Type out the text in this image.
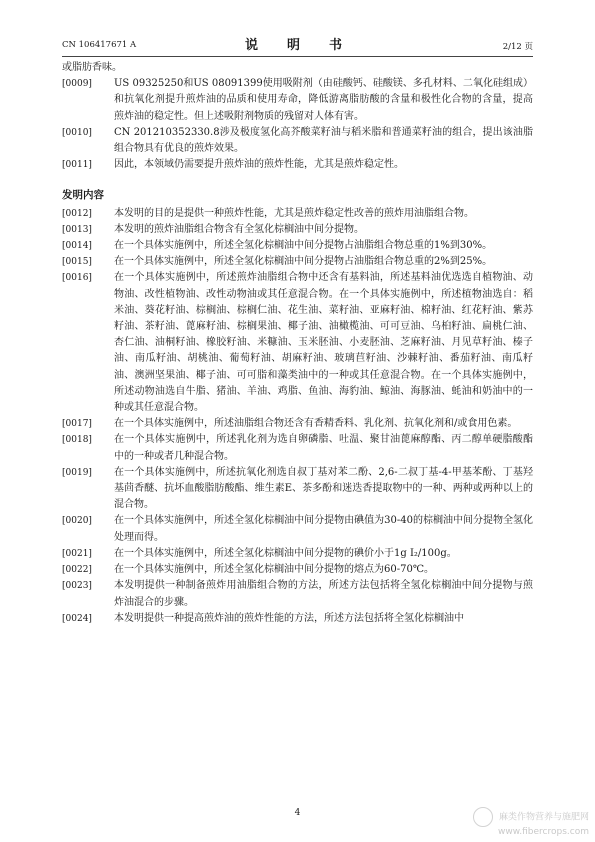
CN 106417671 A	说　明　书	2/12 页

或脂肪香味。

[0009]	US 09325250和US 08091399使用吸附剂（由硅酸钙、硅酸镁、多孔材料、二氧化硅组成）和抗氧化剂提升煎炸油的品质和使用寿命，降低游离脂肪酸的含量和极性化合物的含量，提高煎炸油的稳定性。但上述吸附剂物质的残留对人体有害。
[0010]	CN 201210352330.8涉及极度氢化高芥酸菜籽油与稻米脂和普通菜籽油的组合，提出该油脂组合物具有优良的煎炸效果。
[0011]	因此，本领域仍需要提升煎炸油的煎炸性能，尤其是煎炸稳定性。
发明内容
[0012]	本发明的目的是提供一种煎炸性能，尤其是煎炸稳定性改善的煎炸用油脂组合物。
[0013]	本发明的煎炸油脂组合物含有全氢化棕榈油中间分提物。
[0014]	在一个具体实施例中，所述全氢化棕榈油中间分提物占油脂组合物总重的1%到30%。
[0015]	在一个具体实施例中，所述全氢化棕榈油中间分提物占油脂组合物总重的2%到25%。
[0016]	在一个具体实施例中，所述煎炸油脂组合物中还含有基料油，所述基料油优选选自植物油、动物油、改性植物油、改性动物油或其任意混合物。在一个具体实施例中，所述植物油选自：稻米油、葵花籽油、棕榈油、棕榈仁油、花生油、菜籽油、亚麻籽油、棉籽油、红花籽油、紫苏籽油、茶籽油、蓖麻籽油、棕榈果油、椰子油、油橄榄油、可可豆油、乌桕籽油、扁桃仁油、杏仁油、油桐籽油、橡胶籽油、米糠油、玉米胚油、小麦胚油、芝麻籽油、月见草籽油、榛子油、南瓜籽油、胡桃油、葡萄籽油、胡麻籽油、玻璃苣籽油、沙棘籽油、番茄籽油、南瓜籽油、澳洲坚果油、椰子油、可可脂和藻类油中的一种或其任意混合物。在一个具体实施例中，所述动物油选自牛脂、猪油、羊油、鸡脂、鱼油、海豹油、鲸油、海豚油、蚝油和奶油中的一种或其任意混合物。
[0017]	在一个具体实施例中，所述油脂组合物还含有香精香料、乳化剂、抗氧化剂和/或食用色素。
[0018]	在一个具体实施例中，所述乳化剂为选自卵磷脂、吐温、聚甘油蓖麻醇酯、丙二醇单硬脂酸酯中的一种或者几种混合物。
[0019]	在一个具体实施例中，所述抗氧化剂选自叔丁基对苯二酚、2,6-二叔丁基-4-甲基苯酚、丁基羟基茴香醚、抗坏血酸脂肪酸酯、维生素E、茶多酚和迷迭香提取物中的一种、两种或两种以上的混合物。
[0020]	在一个具体实施例中，所述全氢化棕榈油中间分提物由碘值为30-40的棕榈油中间分提物全氢化处理而得。
[0021]	在一个具体实施例中，所述全氢化棕榈油中间分提物的碘价小于1g I₂/100g。
[0022]	在一个具体实施例中，所述全氢化棕榈油中间分提物的熔点为60-70℃。
[0023]	本发明提供一种制备煎炸用油脂组合物的方法，所述方法包括将全氢化棕榈油中间分提物与煎炸油混合的步骤。
[0024]	本发明提供一种提高煎炸油的煎炸性能的方法，所述方法包括将全氢化棕榈油中
4	麻类作物营养与施肥网
www.fibercrops.com
